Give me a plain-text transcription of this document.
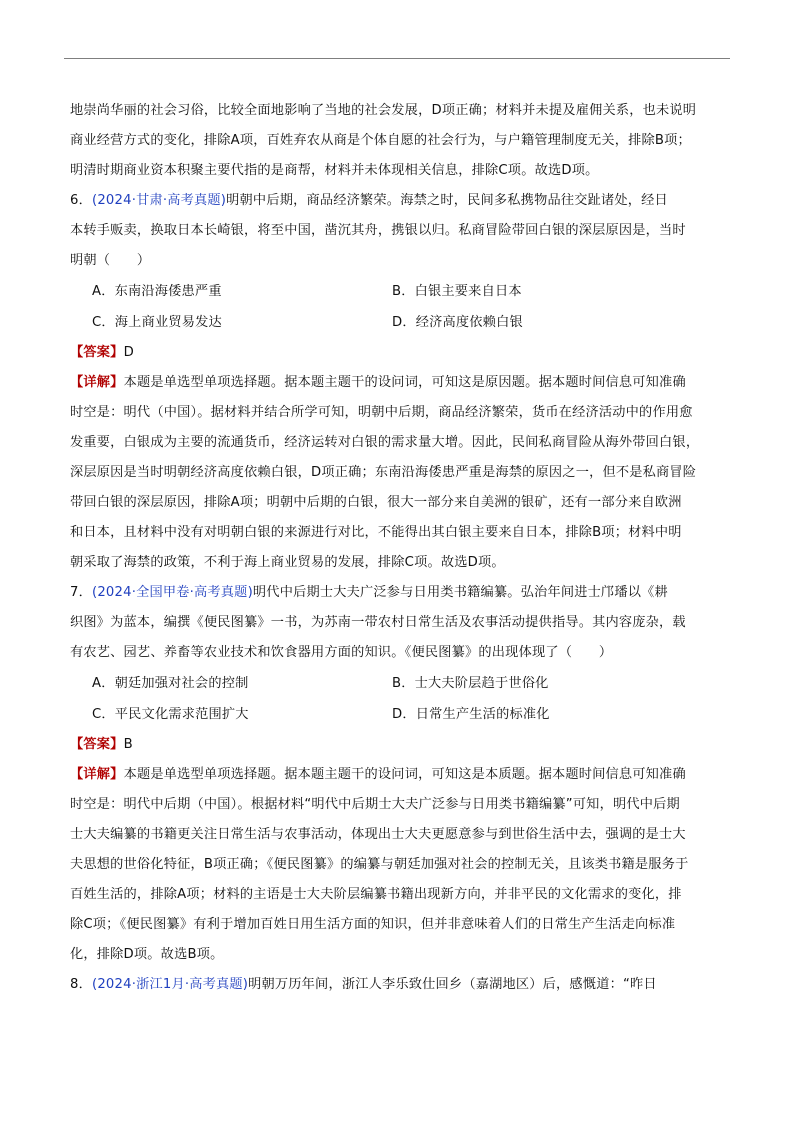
地崇尚华丽的社会习俗，比较全面地影响了当地的社会发展，D项正确；材料并未提及雇佣关系，也未说明
商业经营方式的变化，排除A项，百姓弃农从商是个体自愿的社会行为，与户籍管理制度无关，排除B项；
明清时期商业资本积聚主要代指的是商帮，材料并未体现相关信息，排除C项。故选D项。
6．(2024·甘肃·高考真题)明朝中后期，商品经济繁荣。海禁之时，民间多私携物品往交趾诸处，经日
本转手贩卖，换取日本长崎银，将至中国，凿沉其舟，携银以归。私商冒险带回白银的深层原因是，当时
明朝（　　）
A．东南沿海倭患严重	B．白银主要来自日本
C．海上商业贸易发达	D．经济高度依赖白银
【答案】D
【详解】本题是单选型单项选择题。据本题主题干的设问词，可知这是原因题。据本题时间信息可知准确
时空是：明代（中国）。据材料并结合所学可知，明朝中后期，商品经济繁荣，货币在经济活动中的作用愈
发重要，白银成为主要的流通货币，经济运转对白银的需求量大增。因此，民间私商冒险从海外带回白银，
深层原因是当时明朝经济高度依赖白银，D项正确；东南沿海倭患严重是海禁的原因之一，但不是私商冒险
带回白银的深层原因，排除A项；明朝中后期的白银，很大一部分来自美洲的银矿，还有一部分来自欧洲
和日本，且材料中没有对明朝白银的来源进行对比，不能得出其白银主要来自日本，排除B项；材料中明
朝采取了海禁的政策，不利于海上商业贸易的发展，排除C项。故选D项。
7．(2024·全国甲卷·高考真题)明代中后期士大夫广泛参与日用类书籍编纂。弘治年间进士邝璠以《耕
织图》为蓝本，编撰《便民图纂》一书，为苏南一带农村日常生活及农事活动提供指导。其内容庞杂，载
有农艺、园艺、养畜等农业技术和饮食器用方面的知识。《便民图纂》的出现体现了（　　）
A．朝廷加强对社会的控制	B．士大夫阶层趋于世俗化
C．平民文化需求范围扩大	D．日常生产生活的标准化
【答案】B
【详解】本题是单选型单项选择题。据本题主题干的设问词，可知这是本质题。据本题时间信息可知准确
时空是：明代中后期（中国）。根据材料“明代中后期士大夫广泛参与日用类书籍编纂”可知，明代中后期
士大夫编纂的书籍更关注日常生活与农事活动，体现出士大夫更愿意参与到世俗生活中去，强调的是士大
夫思想的世俗化特征，B项正确；《便民图纂》的编纂与朝廷加强对社会的控制无关，且该类书籍是服务于
百姓生活的，排除A项；材料的主语是士大夫阶层编纂书籍出现新方向，并非平民的文化需求的变化，排
除C项；《便民图纂》有利于增加百姓日用生活方面的知识，但并非意味着人们的日常生产生活走向标准
化，排除D项。故选B项。
8．(2024·浙江1月·高考真题)明朝万历年间，浙江人李乐致仕回乡（嘉湖地区）后，感慨道：“昨日
